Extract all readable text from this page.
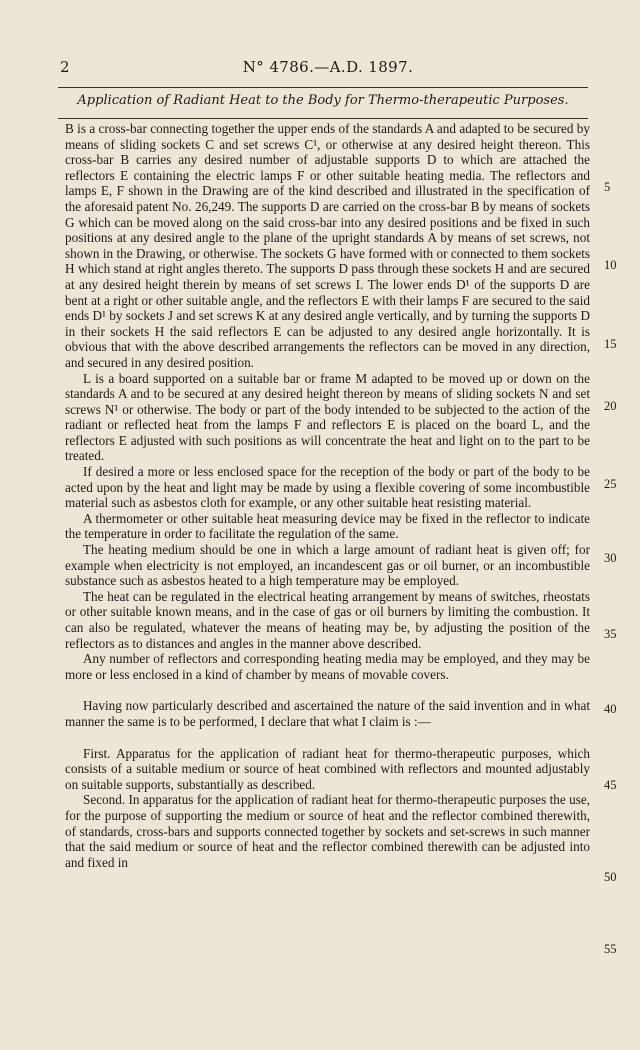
2	N° 4786.—A.D. 1897.
Application of Radiant Heat to the Body for Thermo-therapeutic Purposes.

B is a cross-bar connecting together the upper ends of the standards A and adapted to be secured by means of sliding sockets C and set screws C¹, or otherwise at any desired height thereon. This cross-bar B carries any desired number of adjustable supports D to which are attached the reflectors E containing the electric lamps F or other suitable heating media. The reflectors and lamps E, F shown in the Drawing are of the kind described and illustrated in the specification of the aforesaid patent No. 26,249. The supports D are carried on the cross-bar B by means of sockets G which can be moved along on the said cross-bar into any desired positions and be fixed in such positions at any desired angle to the plane of the upright standards A by means of set screws, not shown in the Drawing, or otherwise. The sockets G have formed with or connected to them sockets H which stand at right angles thereto. The supports D pass through these sockets H and are secured at any desired height therein by means of set screws I. The lower ends D¹ of the supports D are bent at a right or other suitable angle, and the reflectors E with their lamps F are secured to the said ends D¹ by sockets J and set screws K at any desired angle vertically, and by turning the supports D in their sockets H the said reflectors E can be adjusted to any desired angle horizontally. It is obvious that with the above described arrangements the reflectors can be moved in any direction, and secured in any desired position.

L is a board supported on a suitable bar or frame M adapted to be moved up or down on the standards A and to be secured at any desired height thereon by means of sliding sockets N and set screws N¹ or otherwise. The body or part of the body intended to be subjected to the action of the radiant or reflected heat from the lamps F and reflectors E is placed on the board L, and the reflectors E adjusted with such positions as will concentrate the heat and light on to the part to be treated.

If desired a more or less enclosed space for the reception of the body or part of the body to be acted upon by the heat and light may be made by using a flexible covering of some incombustible material such as asbestos cloth for example, or any other suitable heat resisting material.

A thermometer or other suitable heat measuring device may be fixed in the reflector to indicate the temperature in order to facilitate the regulation of the same.

The heating medium should be one in which a large amount of radiant heat is given off; for example when electricity is not employed, an incandescent gas or oil burner, or an incombustible substance such as asbestos heated to a high temperature may be employed.

The heat can be regulated in the electrical heating arrangement by means of switches, rheostats or other suitable known means, and in the case of gas or oil burners by limiting the combustion. It can also be regulated, whatever the means of heating may be, by adjusting the position of the reflectors as to distances and angles in the manner above described.

Any number of reflectors and corresponding heating media may be employed, and they may be more or less enclosed in a kind of chamber by means of movable covers.

Having now particularly described and ascertained the nature of the said invention and in what manner the same is to be performed, I declare that what I claim is :—

First. Apparatus for the application of radiant heat for thermo-therapeutic purposes, which consists of a suitable medium or source of heat combined with reflectors and mounted adjustably on suitable supports, substantially as described.

Second. In apparatus for the application of radiant heat for thermo-therapeutic purposes the use, for the purpose of supporting the medium or source of heat and the reflector combined therewith, of standards, cross-bars and supports connected together by sockets and set-screws in such manner that the said medium or source of heat and the reflector combined therewith can be adjusted into and fixed in

5
10
15
20
25
30
35
40
45
50
55
